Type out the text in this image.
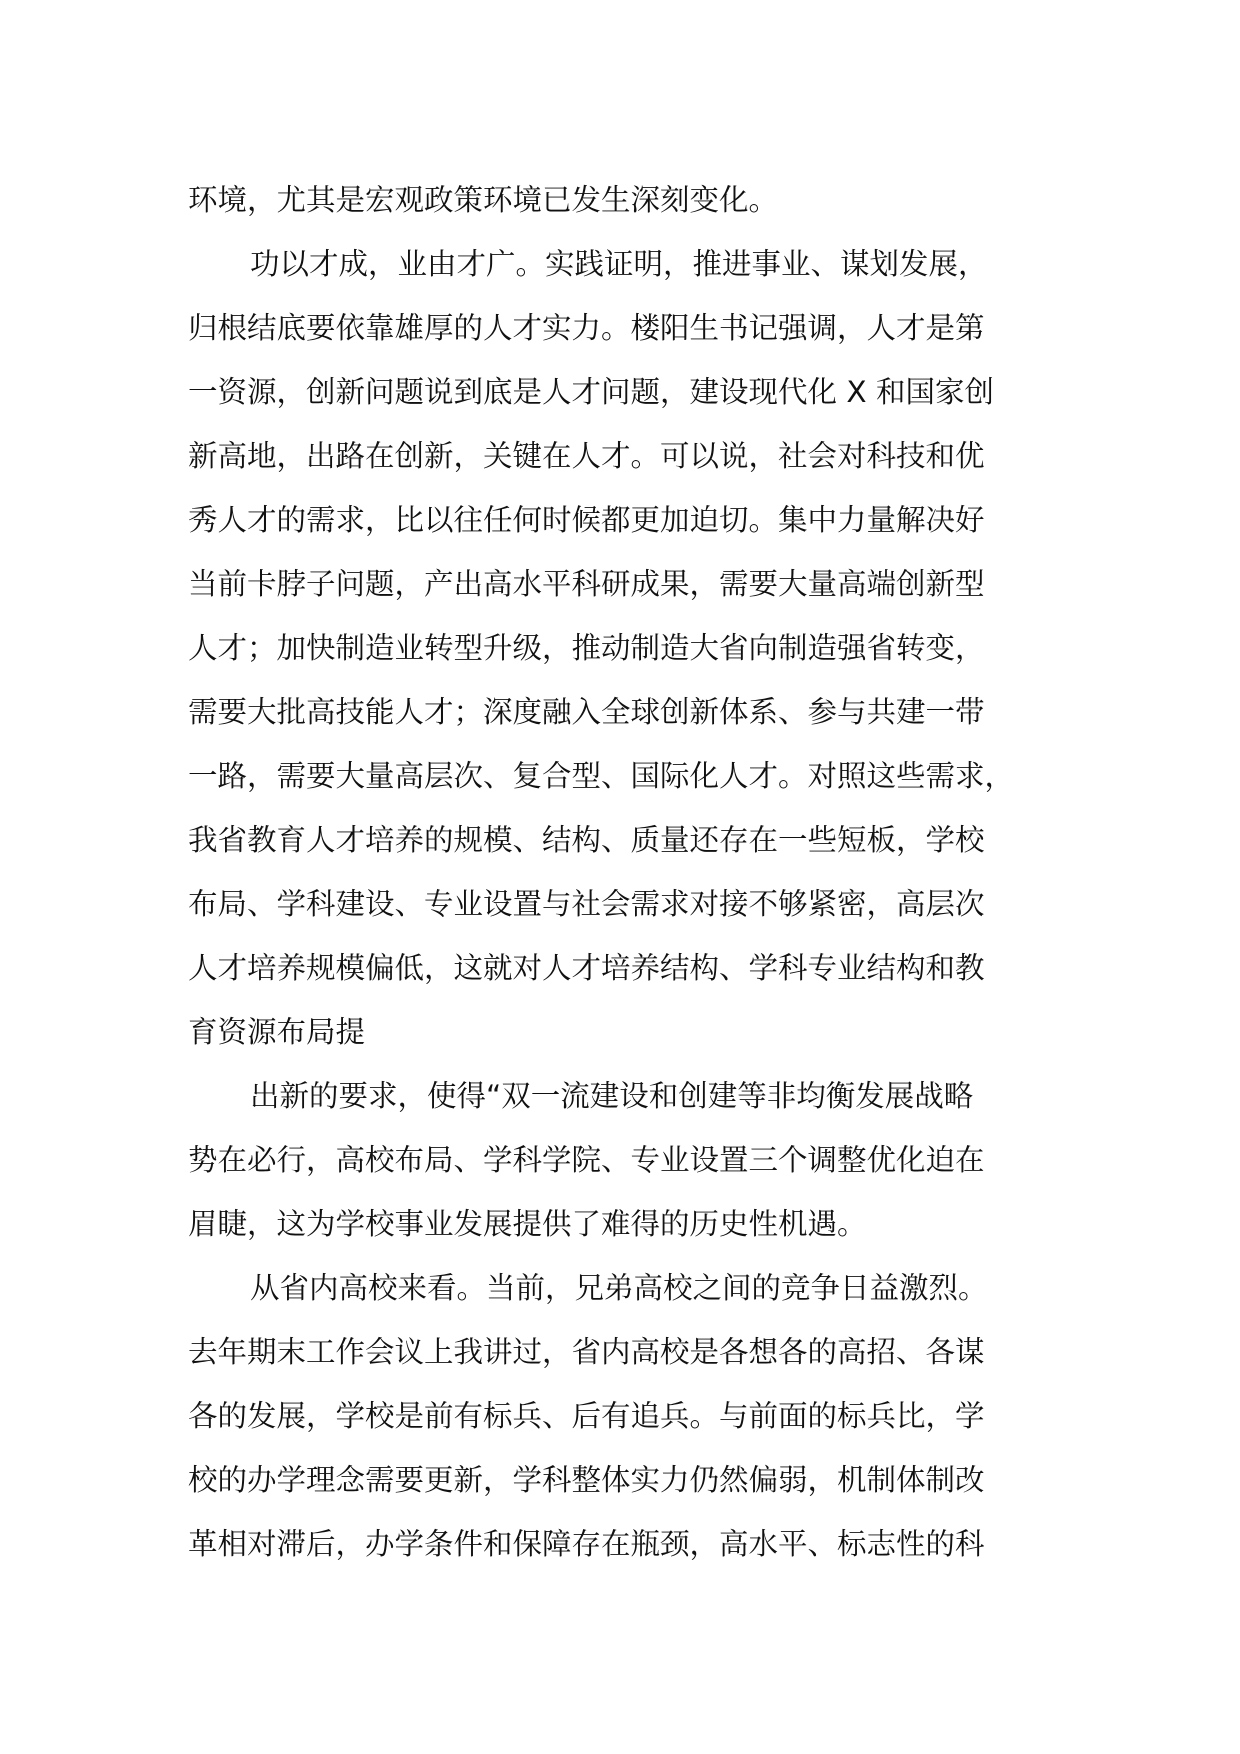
环境，尤其是宏观政策环境已发生深刻变化。
功以才成，业由才广。实践证明，推进事业、谋划发展，
归根结底要依靠雄厚的人才实力。楼阳生书记强调，人才是第
一资源，创新问题说到底是人才问题，建设现代化 X 和国家创
新高地，出路在创新，关键在人才。可以说，社会对科技和优
秀人才的需求，比以往任何时候都更加迫切。集中力量解决好
当前卡脖子问题，产出高水平科研成果，需要大量高端创新型
人才；加快制造业转型升级，推动制造大省向制造强省转变，
需要大批高技能人才；深度融入全球创新体系、参与共建一带
一路，需要大量高层次、复合型、国际化人才。对照这些需求，
我省教育人才培养的规模、结构、质量还存在一些短板，学校
布局、学科建设、专业设置与社会需求对接不够紧密，高层次
人才培养规模偏低，这就对人才培养结构、学科专业结构和教
育资源布局提
出新的要求，使得“双一流建设和创建等非均衡发展战略
势在必行，高校布局、学科学院、专业设置三个调整优化迫在
眉睫，这为学校事业发展提供了难得的历史性机遇。
从省内高校来看。当前，兄弟高校之间的竞争日益激烈。
去年期末工作会议上我讲过，省内高校是各想各的高招、各谋
各的发展，学校是前有标兵、后有追兵。与前面的标兵比，学
校的办学理念需要更新，学科整体实力仍然偏弱，机制体制改
革相对滞后，办学条件和保障存在瓶颈，高水平、标志性的科
